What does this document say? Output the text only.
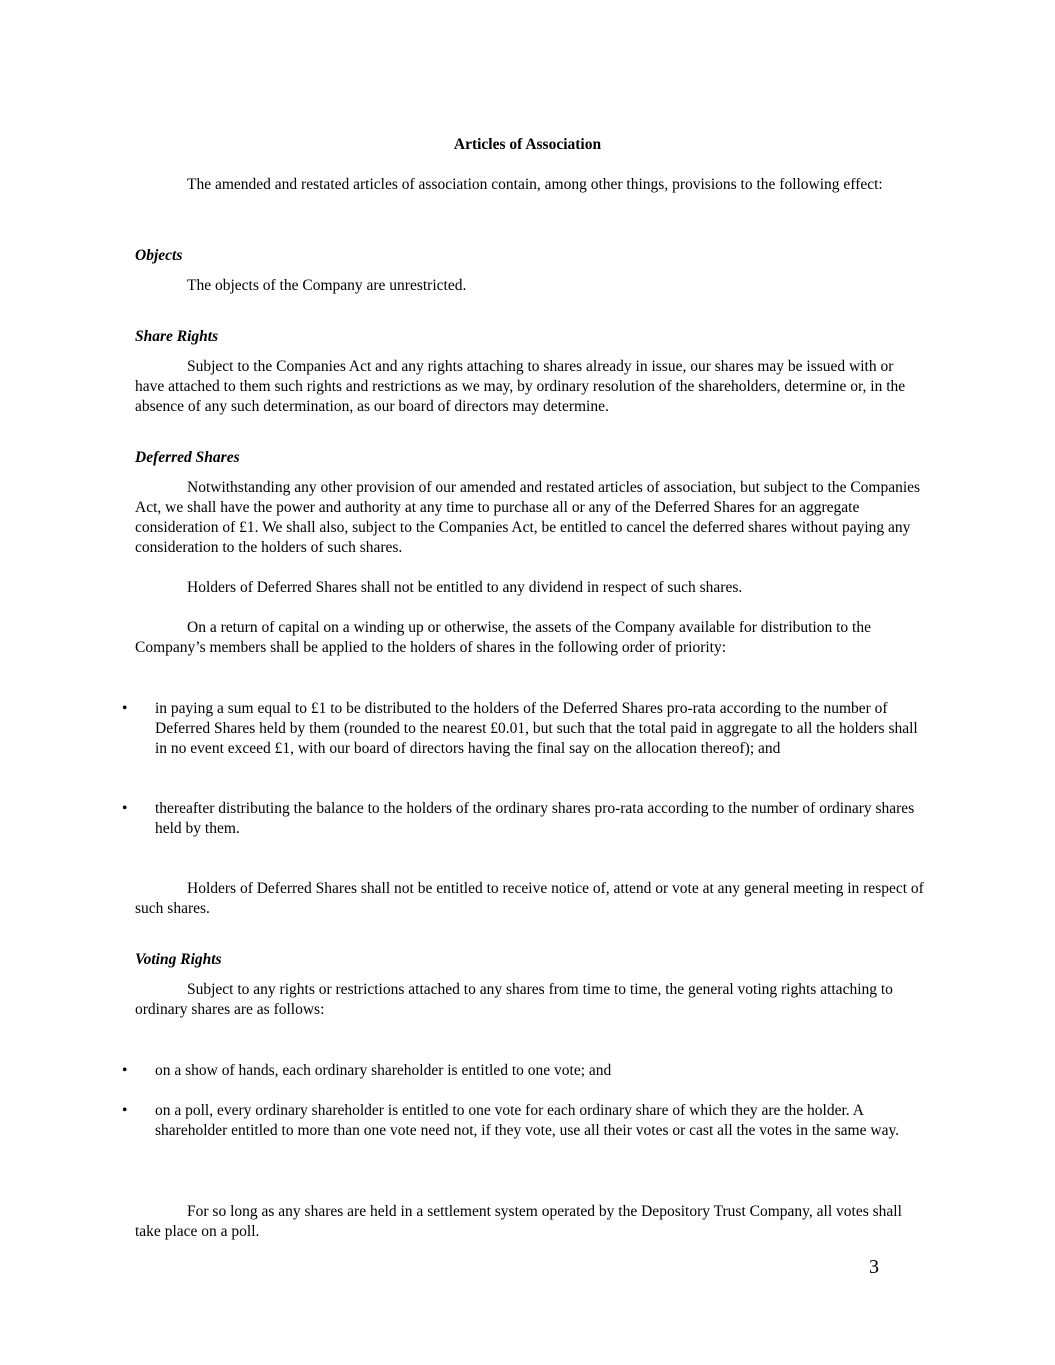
Articles of Association
The amended and restated articles of association contain, among other things, provisions to the following effect:
Objects
The objects of the Company are unrestricted.
Share Rights
Subject to the Companies Act and any rights attaching to shares already in issue, our shares may be issued with or have attached to them such rights and restrictions as we may, by ordinary resolution of the shareholders, determine or, in the absence of any such determination, as our board of directors may determine.
Deferred Shares
Notwithstanding any other provision of our amended and restated articles of association, but subject to the Companies Act, we shall have the power and authority at any time to purchase all or any of the Deferred Shares for an aggregate consideration of £1. We shall also, subject to the Companies Act, be entitled to cancel the deferred shares without paying any consideration to the holders of such shares.
Holders of Deferred Shares shall not be entitled to any dividend in respect of such shares.
On a return of capital on a winding up or otherwise, the assets of the Company available for distribution to the Company’s members shall be applied to the holders of shares in the following order of priority:
• in paying a sum equal to £1 to be distributed to the holders of the Deferred Shares pro-rata according to the number of Deferred Shares held by them (rounded to the nearest £0.01, but such that the total paid in aggregate to all the holders shall in no event exceed £1, with our board of directors having the final say on the allocation thereof); and
• thereafter distributing the balance to the holders of the ordinary shares pro-rata according to the number of ordinary shares held by them.
Holders of Deferred Shares shall not be entitled to receive notice of, attend or vote at any general meeting in respect of such shares.
Voting Rights
Subject to any rights or restrictions attached to any shares from time to time, the general voting rights attaching to ordinary shares are as follows:
• on a show of hands, each ordinary shareholder is entitled to one vote; and
• on a poll, every ordinary shareholder is entitled to one vote for each ordinary share of which they are the holder. A shareholder entitled to more than one vote need not, if they vote, use all their votes or cast all the votes in the same way.
For so long as any shares are held in a settlement system operated by the Depository Trust Company, all votes shall take place on a poll.
3
